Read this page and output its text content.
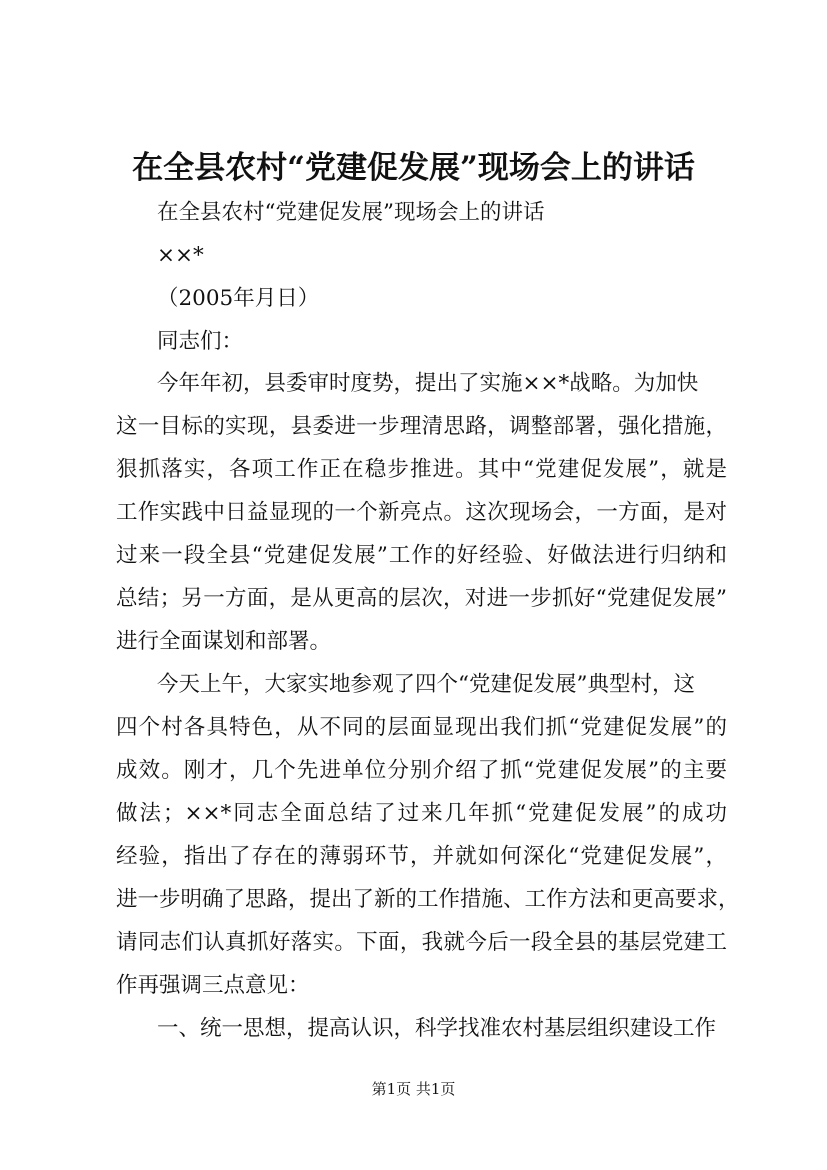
在全县农村“党建促发展”现场会上的讲话

在全县农村“党建促发展”现场会上的讲话

××*

（2005年月日）

同志们：

今年年初，县委审时度势，提出了实施××*战略。为加快

这一目标的实现，县委进一步理清思路，调整部署，强化措施，

狠抓落实，各项工作正在稳步推进。其中“党建促发展”，就是

工作实践中日益显现的一个新亮点。这次现场会，一方面，是对

过来一段全县“党建促发展”工作的好经验、好做法进行归纳和

总结；另一方面，是从更高的层次，对进一步抓好“党建促发展”

进行全面谋划和部署。

今天上午，大家实地参观了四个“党建促发展”典型村，这

四个村各具特色，从不同的层面显现出我们抓“党建促发展”的

成效。刚才，几个先进单位分别介绍了抓“党建促发展”的主要

做法；××*同志全面总结了过来几年抓“党建促发展”的成功

经验，指出了存在的薄弱环节，并就如何深化“党建促发展”，

进一步明确了思路，提出了新的工作措施、工作方法和更高要求，

请同志们认真抓好落实。下面，我就今后一段全县的基层党建工

作再强调三点意见：

一、统一思想，提高认识，科学找准农村基层组织建设工作

第1页 共1页
